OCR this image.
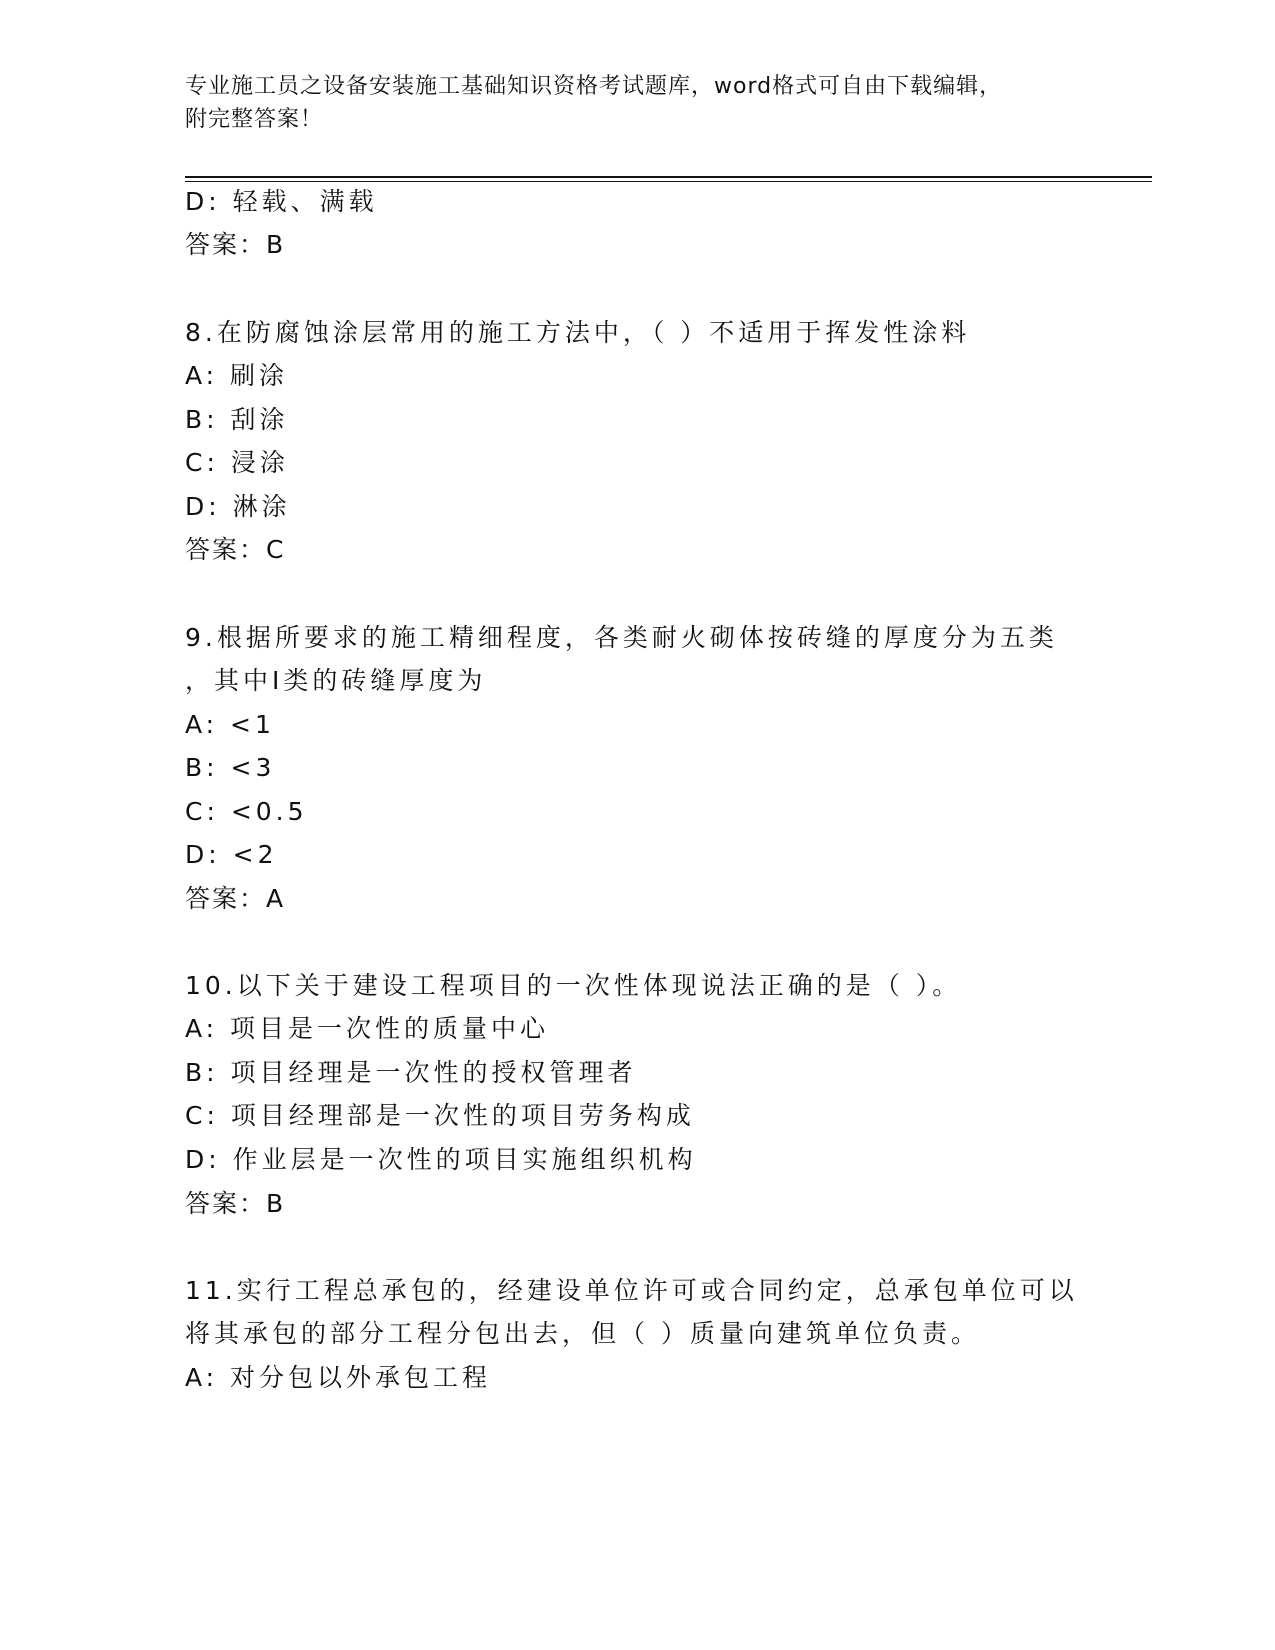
专业施工员之设备安装施工基础知识资格考试题库，word格式可自由下载编辑，
附完整答案！
D: 轻载、满载
答案：B
8.在防腐蚀涂层常用的施工方法中，（ ）不适用于挥发性涂料
A: 刷涂
B: 刮涂
C: 浸涂
D: 淋涂
答案：C
9.根据所要求的施工精细程度，各类耐火砌体按砖缝的厚度分为五类
，其中I类的砖缝厚度为
A: <1
B: <3
C: <0.5
D: <2
答案：A
10.以下关于建设工程项目的一次性体现说法正确的是（ ）。
A: 项目是一次性的质量中心
B: 项目经理是一次性的授权管理者
C: 项目经理部是一次性的项目劳务构成
D: 作业层是一次性的项目实施组织机构
答案：B
11.实行工程总承包的，经建设单位许可或合同约定，总承包单位可以
将其承包的部分工程分包出去，但（ ）质量向建筑单位负责。
A: 对分包以外承包工程
